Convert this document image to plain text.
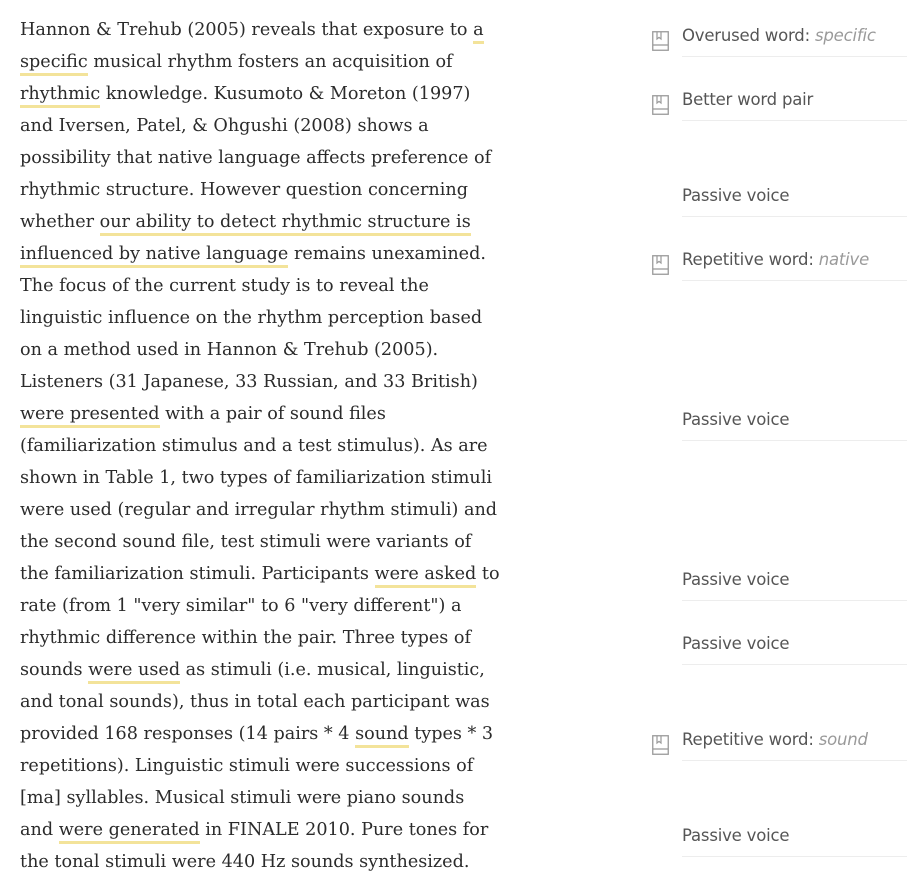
Hannon & Trehub (2005) reveals that exposure to a specific musical rhythm fosters an acquisition of rhythmic knowledge. Kusumoto & Moreton (1997) and Iversen, Patel, & Ohgushi (2008) shows a possibility that native language affects preference of rhythmic structure. However question concerning whether our ability to detect rhythmic structure is influenced by native language remains unexamined. The focus of the current study is to reveal the linguistic influence on the rhythm perception based on a method used in Hannon & Trehub (2005).

Listeners (31 Japanese, 33 Russian, and 33 British) were presented with a pair of sound files (familiarization stimulus and a test stimulus). As are shown in Table 1, two types of familiarization stimuli were used (regular and irregular rhythm stimuli) and the second sound file, test stimuli were variants of the familiarization stimuli. Participants were asked to rate (from 1 "very similar" to 6 "very different") a rhythmic difference within the pair. Three types of sounds were used as stimuli (i.e. musical, linguistic, and tonal sounds), thus in total each participant was provided 168 responses (14 pairs * 4 sound types * 3 repetitions). Linguistic stimuli were successions of [ma] syllables. Musical stimuli were piano sounds and were generated in FINALE 2010. Pure tones for the tonal stimuli were 440 Hz sounds synthesized.

Overused word: specific
Better word pair
Passive voice
Repetitive word: native
Passive voice
Passive voice
Passive voice
Repetitive word: sound
Passive voice
